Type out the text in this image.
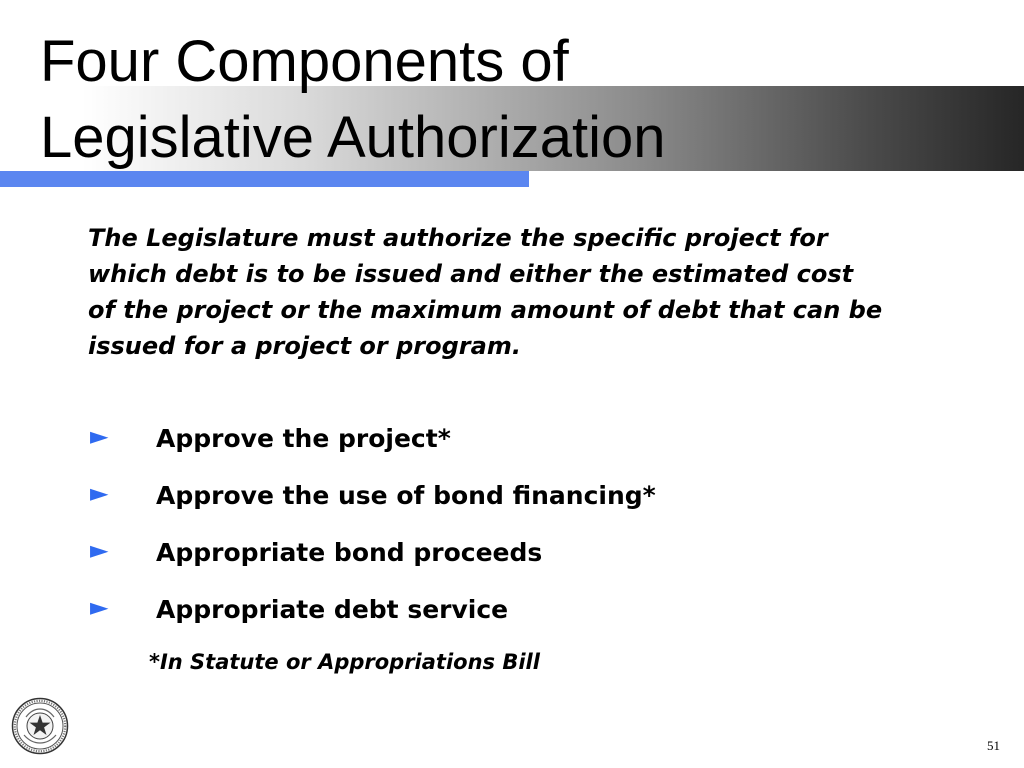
Four Components of
Legislative Authorization

The Legislature must authorize the specific project for which debt is to be issued and either the estimated cost of the project or the maximum amount of debt that can be issued for a project or program.

► Approve the project*
► Approve the use of bond financing*
► Appropriate bond proceeds
► Appropriate debt service

*In Statute or Appropriations Bill

51
